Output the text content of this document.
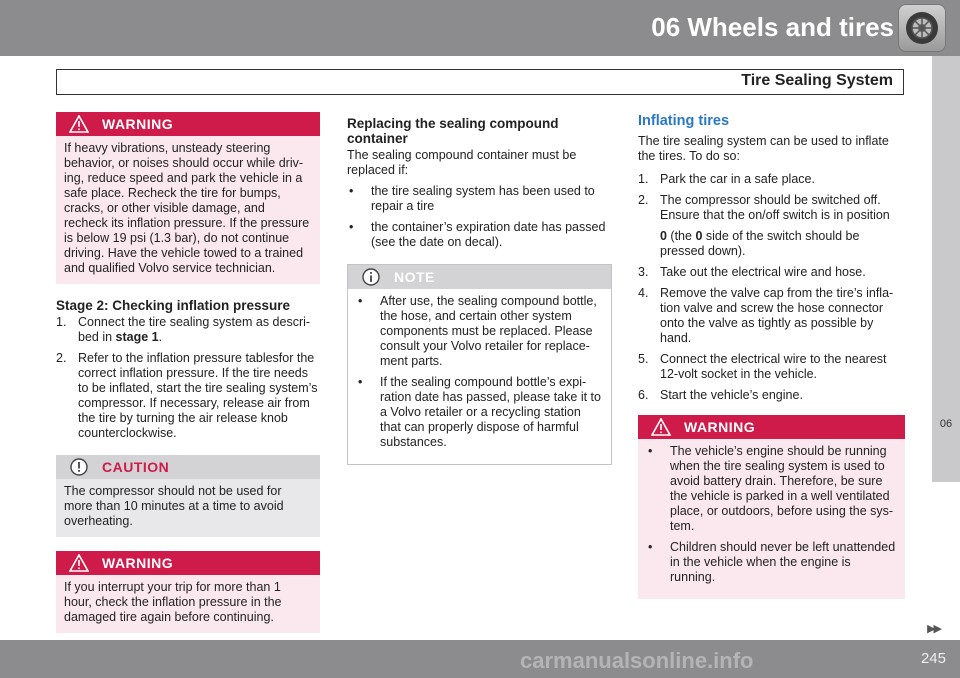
06 Wheels and tires
Tire Sealing System
06
WARNING
If heavy vibrations, unsteady steering behavior, or noises should occur while driv-ing, reduce speed and park the vehicle in a safe place. Recheck the tire for bumps, cracks, or other visible damage, and recheck its inflation pressure. If the pressure is below 19 psi (1.3 bar), do not continue driving. Have the vehicle towed to a trained and qualified Volvo service technician.
Stage 2: Checking inflation pressure
1. Connect the tire sealing system as descri-bed in stage 1.
2. Refer to the inflation pressure tablesfor the correct inflation pressure. If the tire needs to be inflated, start the tire sealing system’s compressor. If necessary, release air from the tire by turning the air release knob counterclockwise.
CAUTION
The compressor should not be used for more than 10 minutes at a time to avoid overheating.
WARNING
If you interrupt your trip for more than 1 hour, check the inflation pressure in the damaged tire again before continuing.
Replacing the sealing compound container

The sealing compound container must be replaced if:

•	the tire sealing system has been used to repair a tire
•	the container’s expiration date has passed (see the date on decal).
NOTE
•	After use, the sealing compound bottle, the hose, and certain other system components must be replaced. Please consult your Volvo retailer for replace-ment parts.
•	If the sealing compound bottle’s expi-ration date has passed, please take it to a Volvo retailer or a recycling station that can properly dispose of harmful substances.
Inflating tires

The tire sealing system can be used to inflate the tires. To do so:

1. Park the car in a safe place.
2. The compressor should be switched off. Ensure that the on/off switch is in position
0 (the 0 side of the switch should be pressed down).
3. Take out the electrical wire and hose.
4. Remove the valve cap from the tire’s infla-tion valve and screw the hose connector onto the valve as tightly as possible by hand.
5. Connect the electrical wire to the nearest 12-volt socket in the vehicle.
6. Start the vehicle’s engine.
WARNING
•	The vehicle’s engine should be running when the tire sealing system is used to avoid battery drain. Therefore, be sure the vehicle is parked in a well ventilated place, or outdoors, before using the sys-tem.
•	Children should never be left unattended in the vehicle when the engine is running.
▶▶
carmanualsonline.info	245
